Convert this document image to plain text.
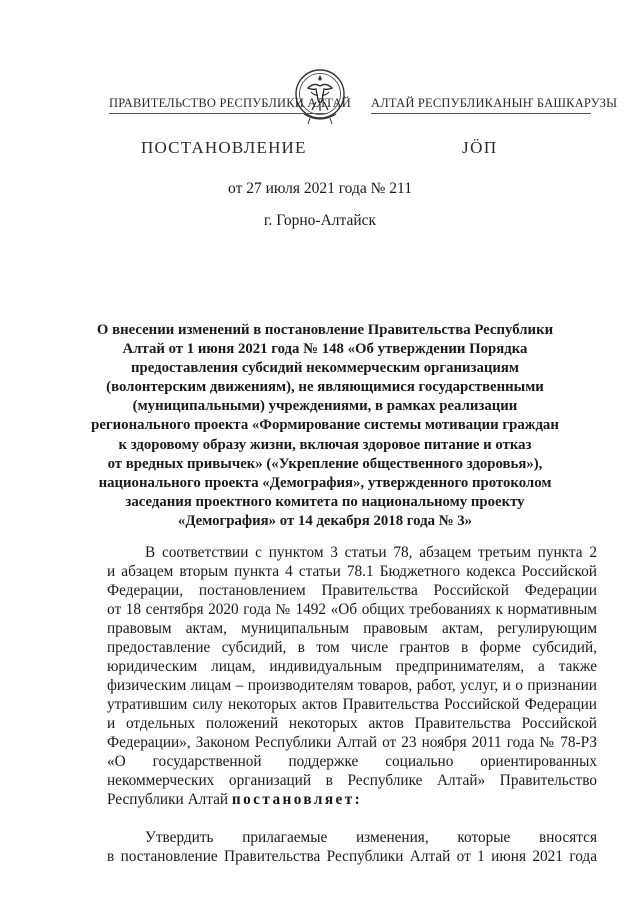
ПРАВИТЕЛЬСТВО РЕСПУБЛИКИ АЛТАЙ АЛТАЙ РЕСПУБЛИКАНЫҤ БАШКАРУЗЫ
ПОСТАНОВЛЕНИЕ	ЈӦП
от 27 июля 2021 года № 211
г. Горно-Алтайск
О внесении изменений в постановление Правительства Республики
Алтай от 1 июня 2021 года № 148 «Об утверждении Порядка
предоставления субсидий некоммерческим организациям
(волонтерским движениям), не являющимися государственными
(муниципальными) учреждениями, в рамках реализации
регионального проекта «Формирование системы мотивации граждан
к здоровому образу жизни, включая здоровое питание и отказ
от вредных привычек» («Укрепление общественного здоровья»),
национального проекта «Демография», утвержденного протоколом
заседания проектного комитета по национальному проекту
«Демография» от 14 декабря 2018 года № 3»
В соответствии с пунктом 3 статьи 78, абзацем третьим пункта 2
и абзацем вторым пункта 4 статьи 78.1 Бюджетного кодекса Российской
Федерации, постановлением Правительства Российской Федерации
от 18 сентября 2020 года № 1492 «Об общих требованиях к нормативным
правовым актам, муниципальным правовым актам, регулирующим
предоставление субсидий, в том числе грантов в форме субсидий,
юридическим лицам, индивидуальным предпринимателям, а также
физическим лицам – производителям товаров, работ, услуг, и о признании
утратившим силу некоторых актов Правительства Российской Федерации
и отдельных положений некоторых актов Правительства Российской
Федерации», Законом Республики Алтай от 23 ноября 2011 года № 78-РЗ
«О государственной поддержке социально ориентированных
некоммерческих организаций в Республике Алтай» Правительство
Республики Алтай постановляет:
Утвердить прилагаемые изменения, которые вносятся
в постановление Правительства Республики Алтай от 1 июня 2021 года
